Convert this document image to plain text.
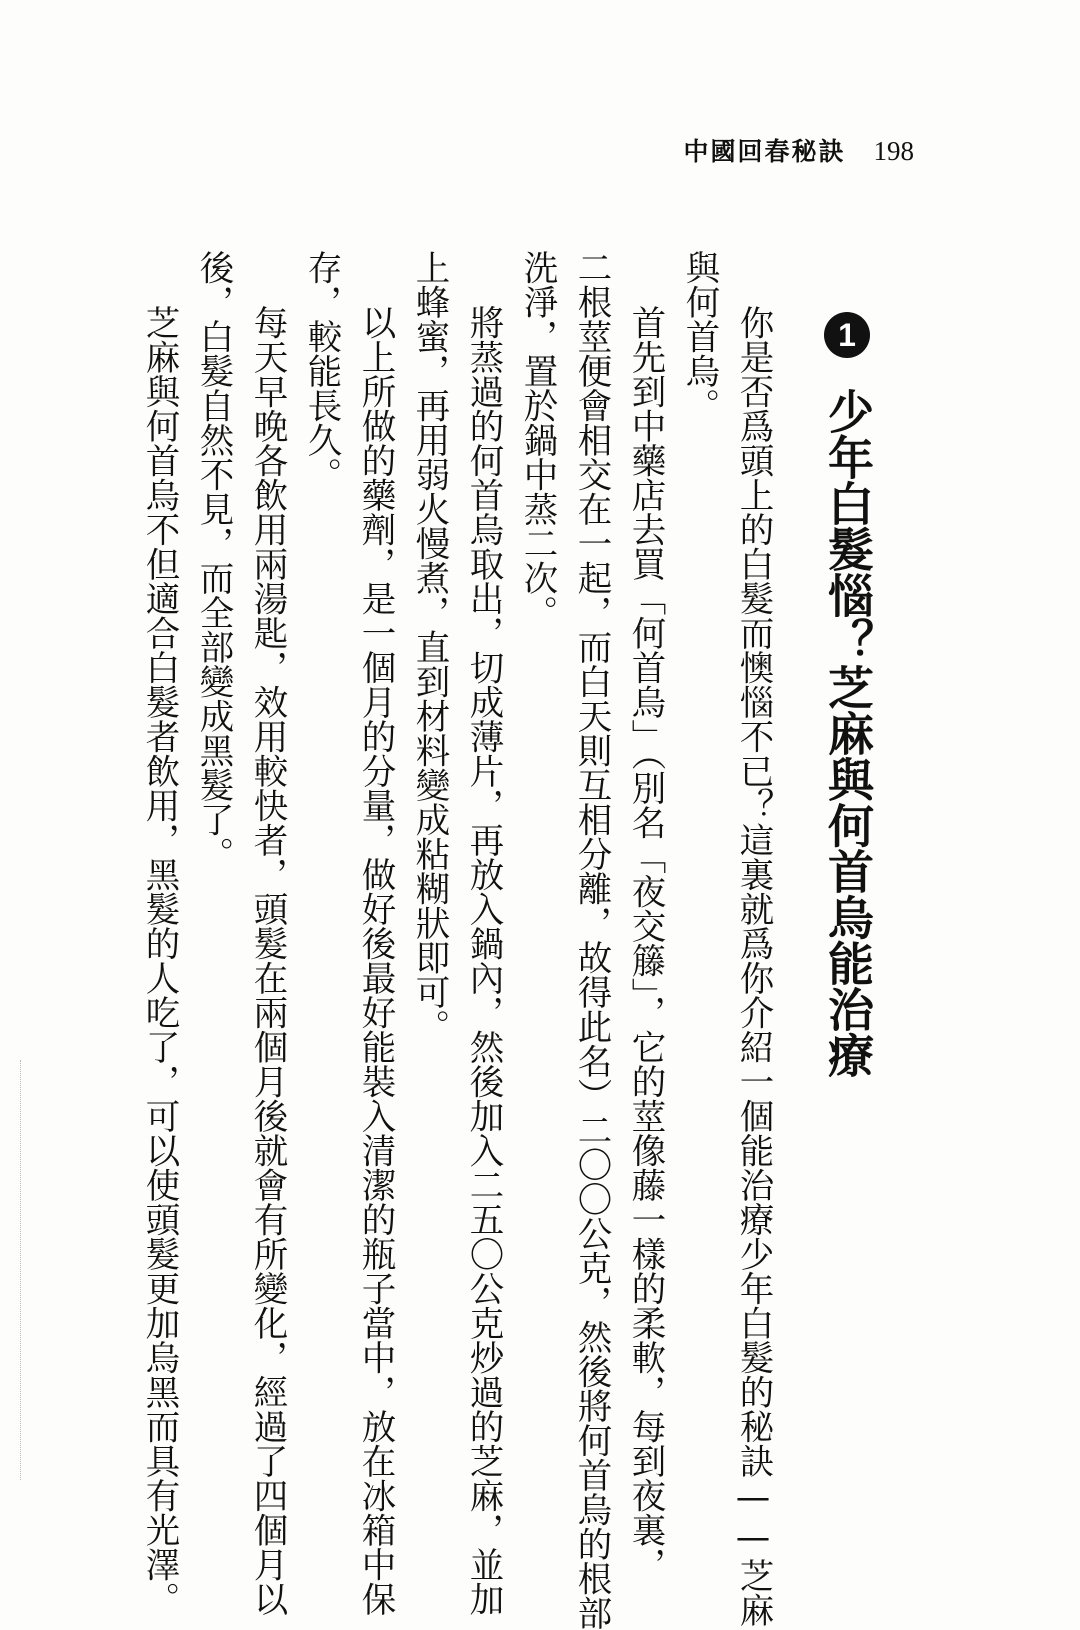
中國回春秘訣 198
1
少年白髮惱？芝麻與何首烏能治療
你是否爲頭上的白髮而懊惱不已？這裏就爲你介紹一個能治療少年白髮的秘訣——芝麻
與何首烏。
首先到中藥店去買「何首烏」（別名「夜交籐」，它的莖像藤一樣的柔軟，每到夜裏，
二根莖便會相交在一起，而白天則互相分離，故得此名）二〇〇公克，然後將何首烏的根部
洗淨，置於鍋中蒸二次。
將蒸過的何首烏取出，切成薄片，再放入鍋內，然後加入二五〇公克炒過的芝麻，並加
上蜂蜜，再用弱火慢煮，直到材料變成粘糊狀即可。
以上所做的藥劑，是一個月的分量，做好後最好能裝入清潔的瓶子當中，放在冰箱中保
存，較能長久。
每天早晚各飲用兩湯匙，效用較快者，頭髮在兩個月後就會有所變化，經過了四個月以
後，白髮自然不見，而全部變成黑髮了。
芝麻與何首烏不但適合白髮者飲用，黑髮的人吃了，可以使頭髮更加烏黑而具有光澤。
